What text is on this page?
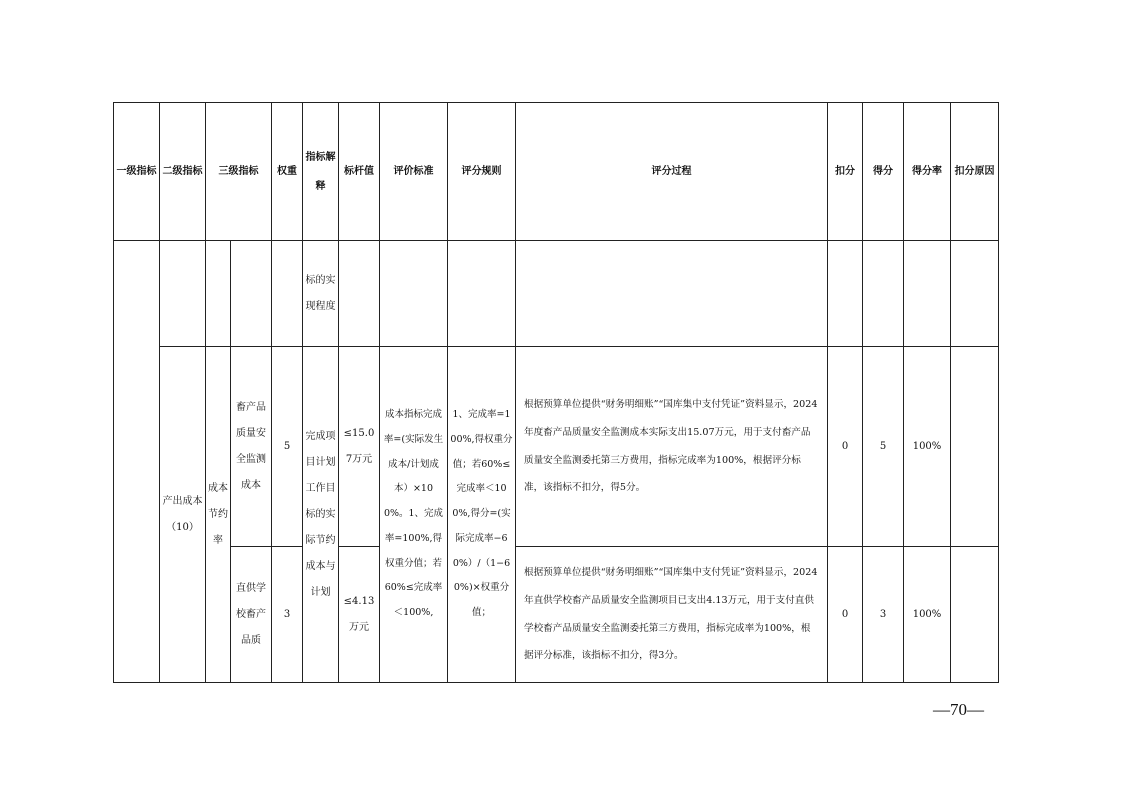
一级指标	二级指标	三级指标		权重	指标解释	标杆值	评价标准	评分规则	评分过程	扣分	得分	得分率	扣分原因
					标的实现程度								
	产出成本（10）	成本节约率	畜产品质量安全监测成本	5	完成项目计划工作目标的实际节约成本与计划	≤15.07万元	成本指标完成率=(实际发生成本/计划成本）×100%。1、完成率=100%,得权重分值；若60%≤完成率＜100%,	1、完成率=100%,得权重分值；若60%≤完成率＜100%,得分=(实际完成率−60%）/（1−60%)×权重分值；	根据预算单位提供“财务明细账”“国库集中支付凭证”资料显示，2024年度畜产品质量安全监测成本实际支出15.07万元，用于支付畜产品质量安全监测委托第三方费用，指标完成率为100%，根据评分标准，该指标不扣分，得5分。	0	5	100%	
			直供学校畜产品质	3		≤4.13万元			根据预算单位提供“财务明细账”“国库集中支付凭证”资料显示，2024年直供学校畜产品质量安全监测项目已支出4.13万元，用于支付直供学校畜产品质量安全监测委托第三方费用，指标完成率为100%，根据评分标准，该指标不扣分，得3分。	0	3	100%	
—70—
